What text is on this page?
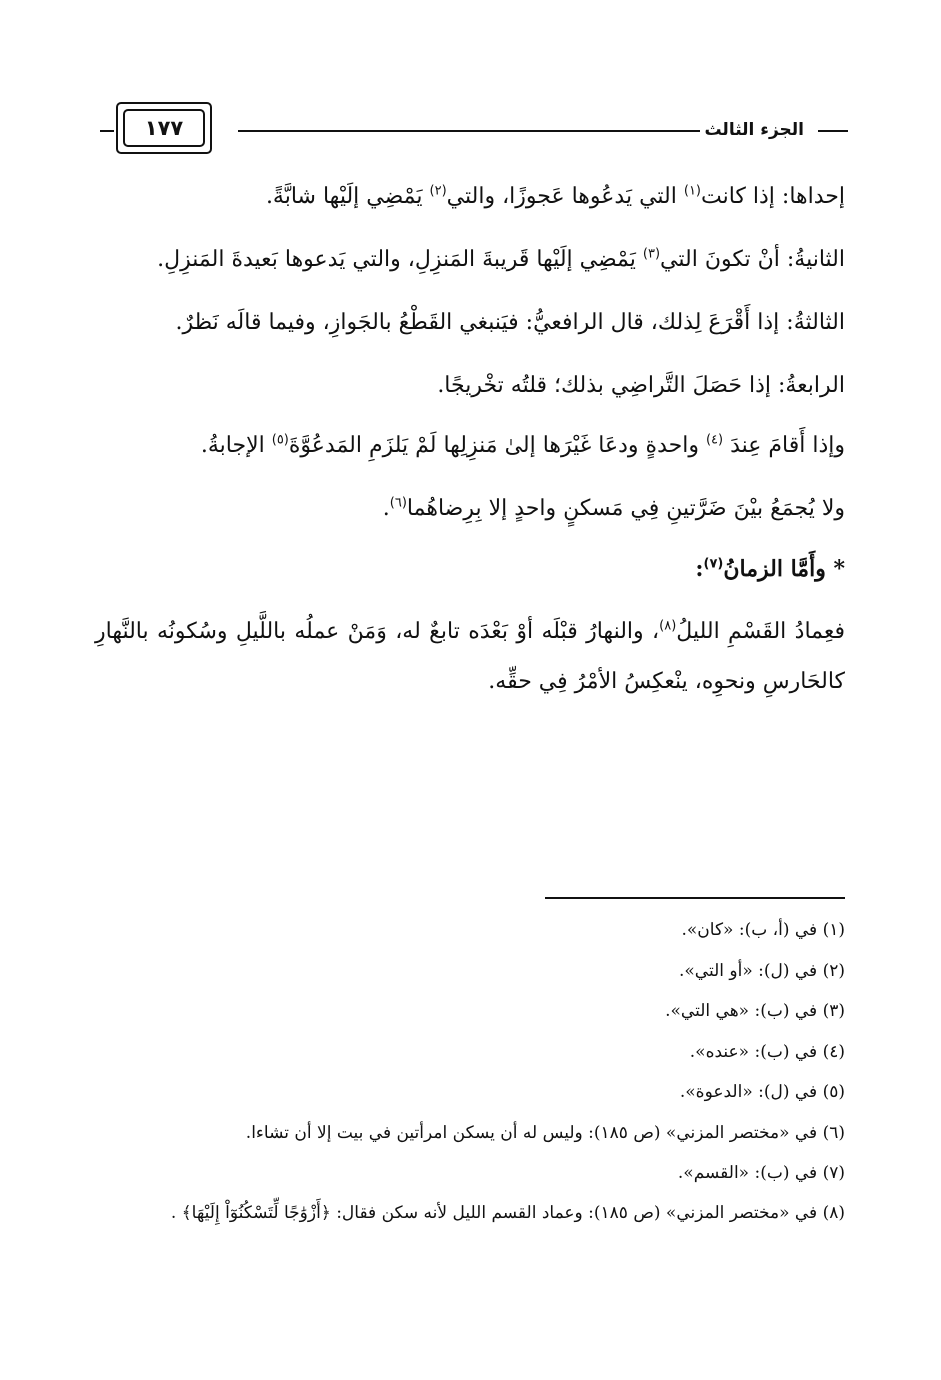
الجزء الثالث
١٧٧

إحداها: إذا كانت$^{(١)}$ التي يَدعُوها عَجوزًا، والتي$^{(٢)}$ يَمْضِي إلَيْها شابَّةً.

الثانيةُ: أنْ تكونَ التي$^{(٣)}$ يَمْضِي إلَيْها قَريبةَ المَنزِلِ، والتي يَدعوها بَعيدةَ المَنزِلِ.

الثالثةُ: إذا أَقْرَعَ لِذلك، قال الرافعيُّ: فيَنبغي القَطْعُ بالجَوازِ، وفيما قالَه نَظرٌ.

الرابعةُ: إذا حَصَلَ التَّراضِي بذلك؛ قلتُه تخْريجًا.

وإذا أَقامَ عِندَ $^{(٤)}$ واحدةٍ ودعَا غَيْرَها إلىٰ مَنزِلِها لَمْ يَلزَمِ المَدعُوَّةَ$^{(٥)}$ الإجابةُ.

ولا يُجمَعُ بيْنَ ضَرَّتينِ فِي مَسكنٍ واحدٍ إلا بِرِضاهُما$^{(٦)}$.

* وأَمَّا الزمانُ$^{(٧)}$:

فعِمادُ القَسْمِ الليلُ$^{(٨)}$، والنهارُ قبْلَه أوْ بَعْدَه تابعٌ له، وَمَنْ عملُه باللَّيلِ وسُكونُه بالنَّهارِ كالحَارسِ ونحوِه، ينْعكِسُ الأمْرُ فِي حقِّه.

(١) في (أ، ب): «كان».

(٢) في (ل): «أو التي».

(٣) في (ب): «هي التي».

(٤) في (ب): «عنده».

(٥) في (ل): «الدعوة».

(٦) في «مختصر المزني» (ص ١٨٥): وليس له أن يسكن امرأتين في بيت إلا أن تشاءا.

(٧) في (ب): «القسم».

(٨) في «مختصر المزني» (ص ١٨٥): وعماد القسم الليل لأنه سكن فقال: ﴿أَزْوَٰجًا لِّتَسْكُنُوٓاْ إِلَيْهَا﴾ .
